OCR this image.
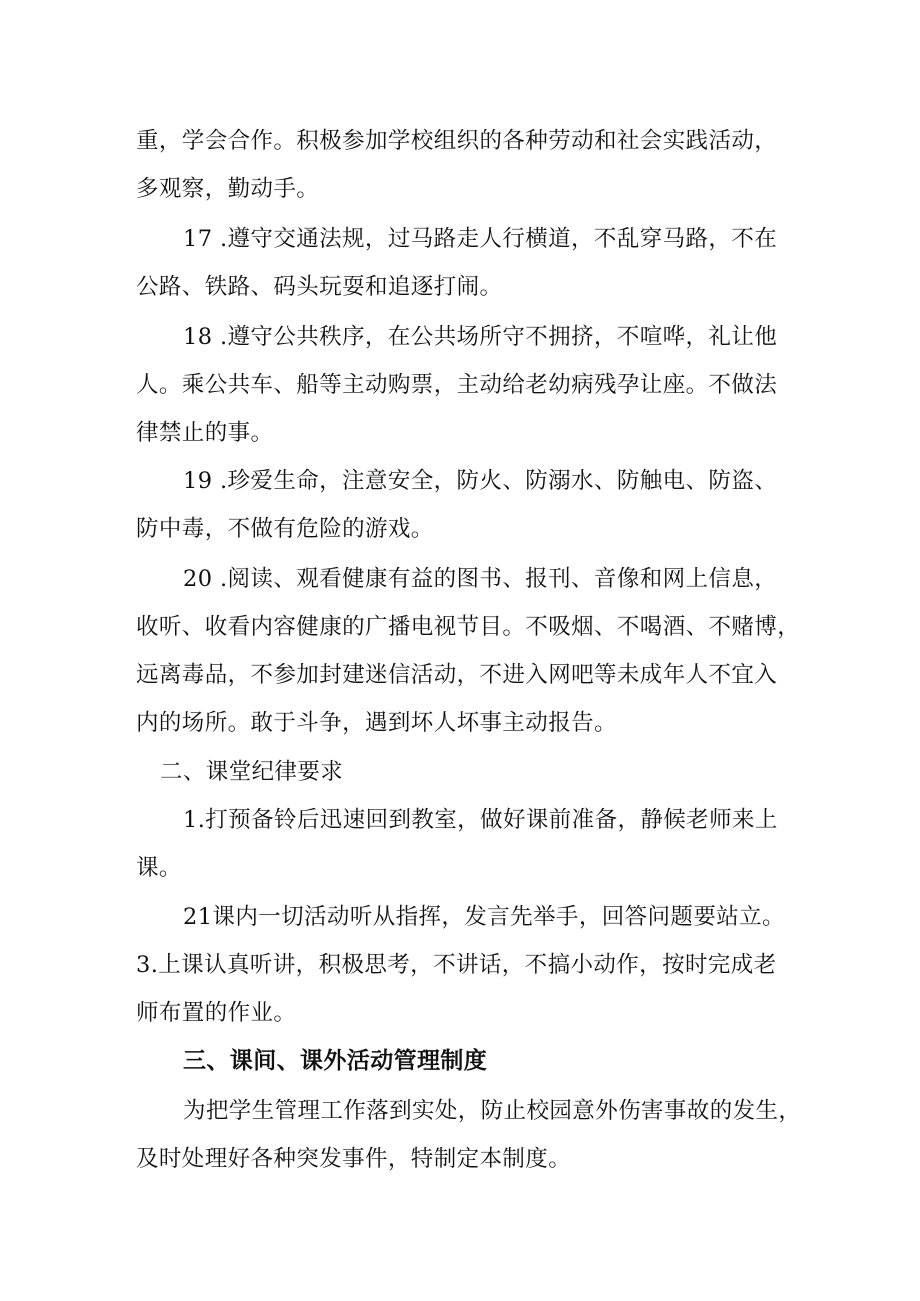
重，学会合作。积极参加学校组织的各种劳动和社会实践活动，
多观察，勤动手。
17 .遵守交通法规，过马路走人行横道，不乱穿马路，不在
公路、铁路、码头玩耍和追逐打闹。
18 .遵守公共秩序，在公共场所守不拥挤，不喧哗，礼让他
人。乘公共车、船等主动购票，主动给老幼病残孕让座。不做法
律禁止的事。
19 .珍爱生命，注意安全，防火、防溺水、防触电、防盗、
防中毒，不做有危险的游戏。
20 .阅读、观看健康有益的图书、报刊、音像和网上信息，
收听、收看内容健康的广播电视节目。不吸烟、不喝酒、不赌博，
远离毒品，不参加封建迷信活动，不进入网吧等未成年人不宜入
内的场所。敢于斗争，遇到坏人坏事主动报告。
二、课堂纪律要求
1.打预备铃后迅速回到教室，做好课前准备，静候老师来上
课。
21课内一切活动听从指挥，发言先举手，回答问题要站立。
3.上课认真听讲，积极思考，不讲话，不搞小动作，按时完成老
师布置的作业。
三、课间、课外活动管理制度
为把学生管理工作落到实处，防止校园意外伤害事故的发生，
及时处理好各种突发事件，特制定本制度。
